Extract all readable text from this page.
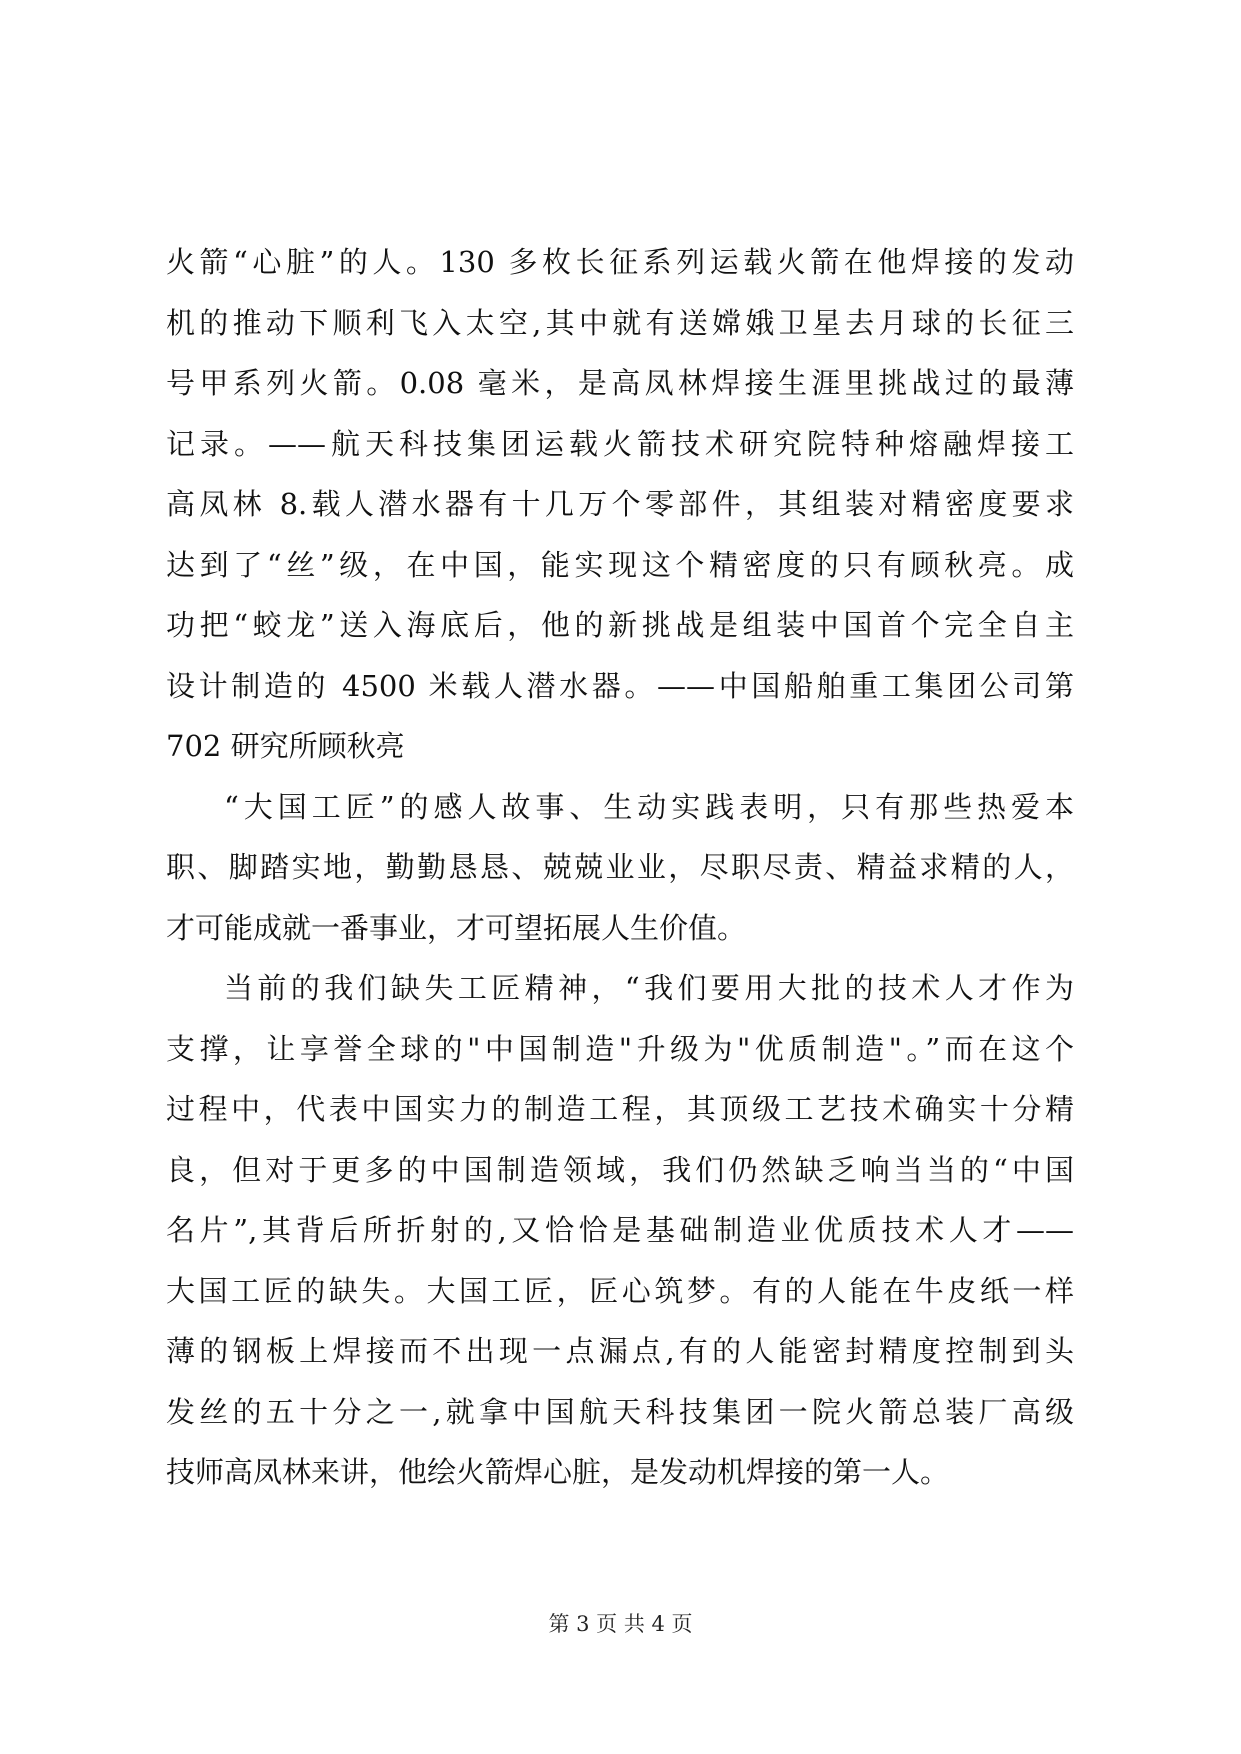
火箭“心脏”的人。130 多枚长征系列运载火箭在他焊接的发动
机的推动下顺利飞入太空,其中就有送嫦娥卫星去月球的长征三
号甲系列火箭。0.08 毫米，是高凤林焊接生涯里挑战过的最薄
记录。——航天科技集团运载火箭技术研究院特种熔融焊接工
高凤林 8.载人潜水器有十几万个零部件，其组装对精密度要求
达到了“丝”级，在中国，能实现这个精密度的只有顾秋亮。成
功把“蛟龙”送入海底后，他的新挑战是组装中国首个完全自主
设计制造的 4500 米载人潜水器。——中国船舶重工集团公司第
702 研究所顾秋亮
“大国工匠”的感人故事、生动实践表明，只有那些热爱本
职、脚踏实地，勤勤恳恳、兢兢业业，尽职尽责、精益求精的人，
才可能成就一番事业，才可望拓展人生价值。
当前的我们缺失工匠精神，“我们要用大批的技术人才作为
支撑，让享誉全球的"中国制造"升级为"优质制造"。”而在这个
过程中，代表中国实力的制造工程，其顶级工艺技术确实十分精
良，但对于更多的中国制造领域，我们仍然缺乏响当当的“中国
名片”,其背后所折射的,又恰恰是基础制造业优质技术人才——
大国工匠的缺失。大国工匠，匠心筑梦。有的人能在牛皮纸一样
薄的钢板上焊接而不出现一点漏点,有的人能密封精度控制到头
发丝的五十分之一,就拿中国航天科技集团一院火箭总装厂高级
技师高凤林来讲，他绘火箭焊心脏，是发动机焊接的第一人。
第 3 页 共 4 页
